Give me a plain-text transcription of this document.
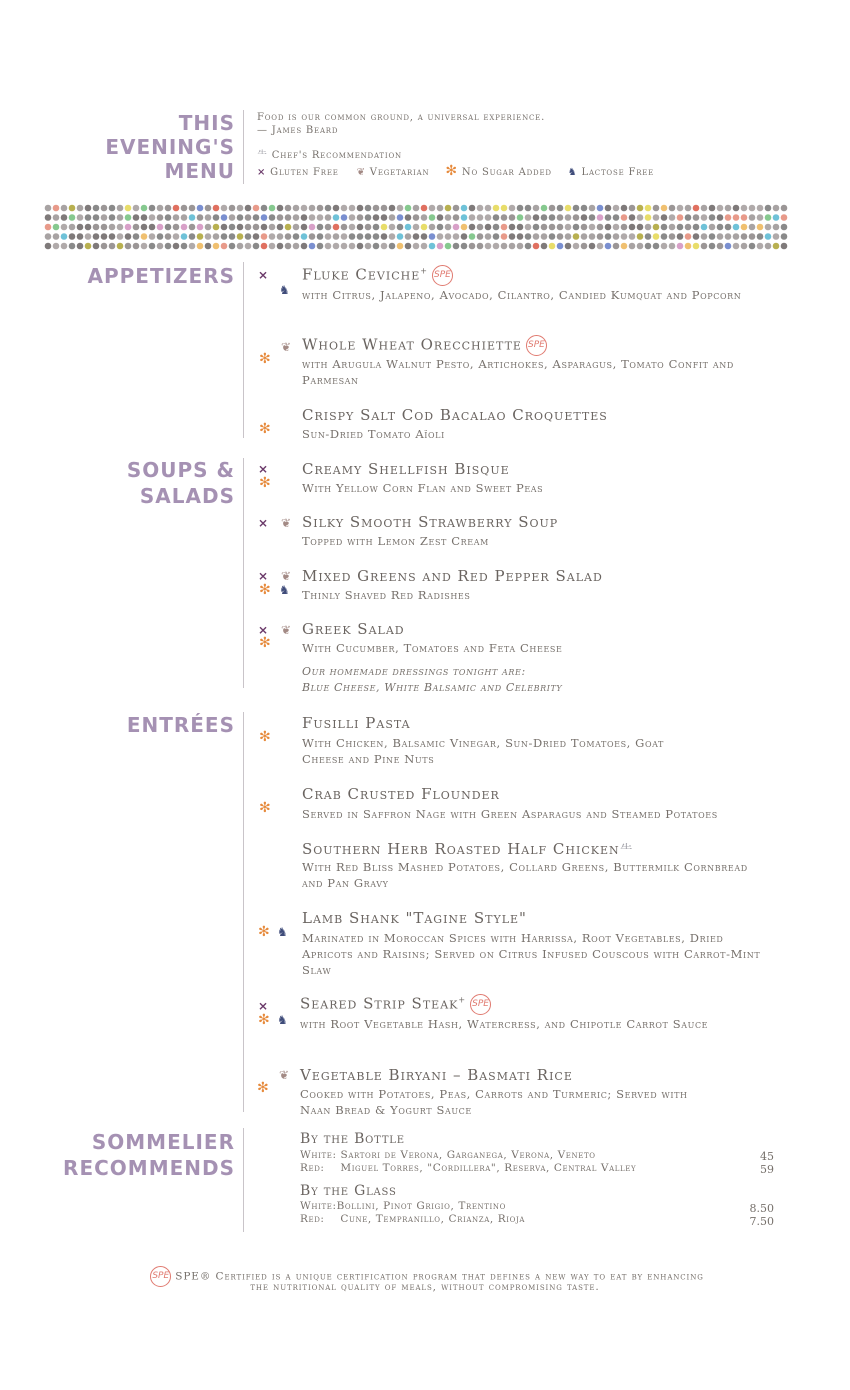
THIS
EVENING'S
MENU
Food is our common ground, a universal experience.
— James Beard
⺧ Chef's Recommendation
⨯ Gluten Free ❦ Vegetarian ✻ No Sugar Added ♞ Lactose Free
APPETIZERS
SOUPS &
SALADS
ENTRÉES
SOMMELIER
RECOMMENDS
⨯
♞
Fluke Ceviche+ SPE
with Citrus, Jalapeno, Avocado, Cilantro, Candied Kumquat and Popcorn
❦
✻
Whole Wheat Orecchiette SPE
with Arugula Walnut Pesto, Artichokes, Asparagus, Tomato Confit and Parmesan
✻
Crispy Salt Cod Bacalao Croquettes
Sun-Dried Tomato Aïoli
⨯
✻
Creamy Shellfish Bisque
With Yellow Corn Flan and Sweet Peas
⨯ ❦ Silky Smooth Strawberry Soup
Topped with Lemon Zest Cream
⨯ ❦
✻ ♞
Mixed Greens and Red Pepper Salad
Thinly Shaved Red Radishes
⨯ ❦
✻
Greek Salad
With Cucumber, Tomatoes and Feta Cheese
Our homemade dressings tonight are:
Blue Cheese, White Balsamic and Celebrity
✻
Fusilli Pasta
With Chicken, Balsamic Vinegar, Sun-Dried Tomatoes, Goat Cheese and Pine Nuts
✻
Crab Crusted Flounder
Served in Saffron Nage with Green Asparagus and Steamed Potatoes
Southern Herb Roasted Half Chicken⺧
With Red Bliss Mashed Potatoes, Collard Greens, Buttermilk Cornbread and Pan Gravy
✻ ♞
Lamb Shank "Tagine Style"
Marinated in Moroccan Spices with Harrissa, Root Vegetables, Dried Apricots and Raisins; Served on Citrus Infused Couscous with Carrot-Mint Slaw
⨯
✻ ♞
Seared Strip Steak+ SPE
with Root Vegetable Hash, Watercress, and Chipotle Carrot Sauce
❦
✻
Vegetable Biryani – Basmati Rice
Cooked with Potatoes, Peas, Carrots and Turmeric; Served with Naan Bread & Yogurt Sauce
By the Bottle
White: Sartori de Verona, Garganega, Verona, Veneto	45
Red: Miguel Torres, "Cordillera", Reserva, Central Valley	59
By the Glass
White:Bollini, Pinot Grigio, Trentino	8.50
Red: Cune, Tempranillo, Crianza, Rioja	7.50
SPE SPE® Certified is a unique certification program that defines a new way to eat by enhancing
the nutritional quality of meals, without compromising taste.
